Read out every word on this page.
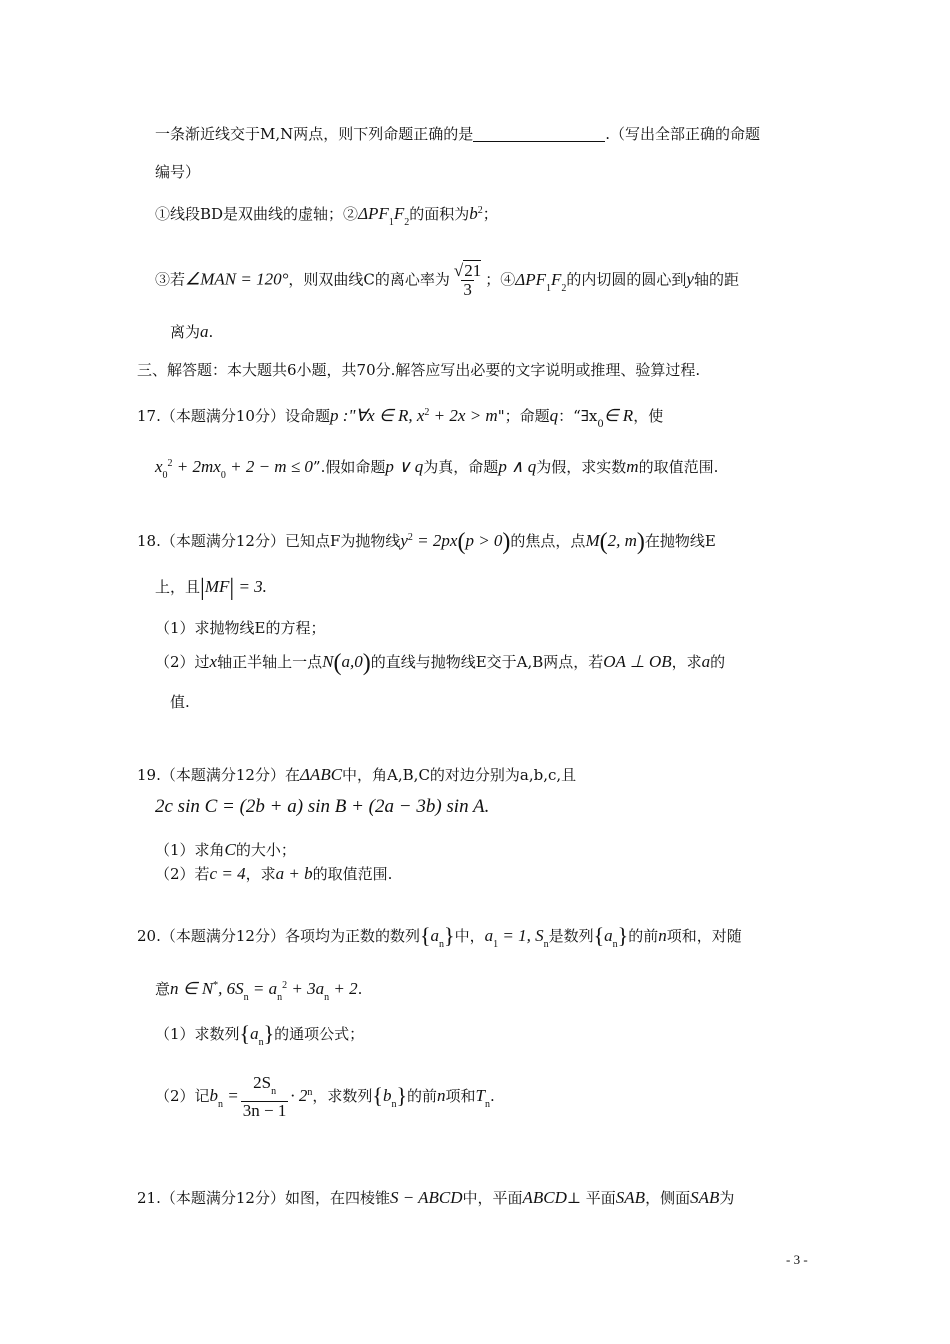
一条渐近线交于M,N两点，则下列命题正确的是	.（写出全部正确的命题
编号）
①线段BD是双曲线的虚轴；$②\Delta PF_1F_2$的面积为$b^2$；
③若∠MAN = 120°，则双曲线C的离心率为 $\frac{√21}{3}$ ；$④\Delta PF_1F_2$的内切圆的圆心到y轴的距
离为a.
三、解答题：本大题共6小题，共70分.解答应写出必要的文字说明或推理、验算过程.
17.（本题满分10分）设命题p :"∀x ∈ R, $x^2 + 2x > m$"；命题q：“$\exists x_0\in$ R，使
$x_0^2 + 2mx_0 + 2 - m \le 0$”.假如命题p ∨ q为真，命题p ∧ q为假，求实数m的取值范围.
18.（本题满分12分）已知点F为抛物线$y^2 = 2px(p > 0)$的焦点，点M(2, m)在抛物线E
上，且|MF| = 3.
（1）求抛物线E的方程；
（2）过x轴正半轴上一点N(a,0)的直线与抛物线E交于A,B两点，若OA ⊥ OB，求a的
值.
19.（本题满分12分）在ΔABC中，角A,B,C的对边分别为a,b,c,且
2c sin C = (2b + a) sin B + (2a − 3b) sin A.
（1）求角C的大小；
（2）若c = 4，求a + b的取值范围.
20.（本题满分12分）各项均为正数的数列$\{a_n\}$中，$a_1 = 1$, $S_n$是数列$\{a_n\}$的前n项和，对随
意n ∈ N*, $6S_n = a_n^2 + 3a_n + 2$.
（1）求数列$\{a_n\}$的通项公式；
（2）记$b_n = \frac{2S_n}{3n - 1} \cdot 2^n$，求数列$\{b_n\}$的前n项和$T_n$.
21.（本题满分12分）如图，在四棱锥S − ABCD中，平面ABCD⊥ 平面SAB，侧面SAB为
- 3 -
